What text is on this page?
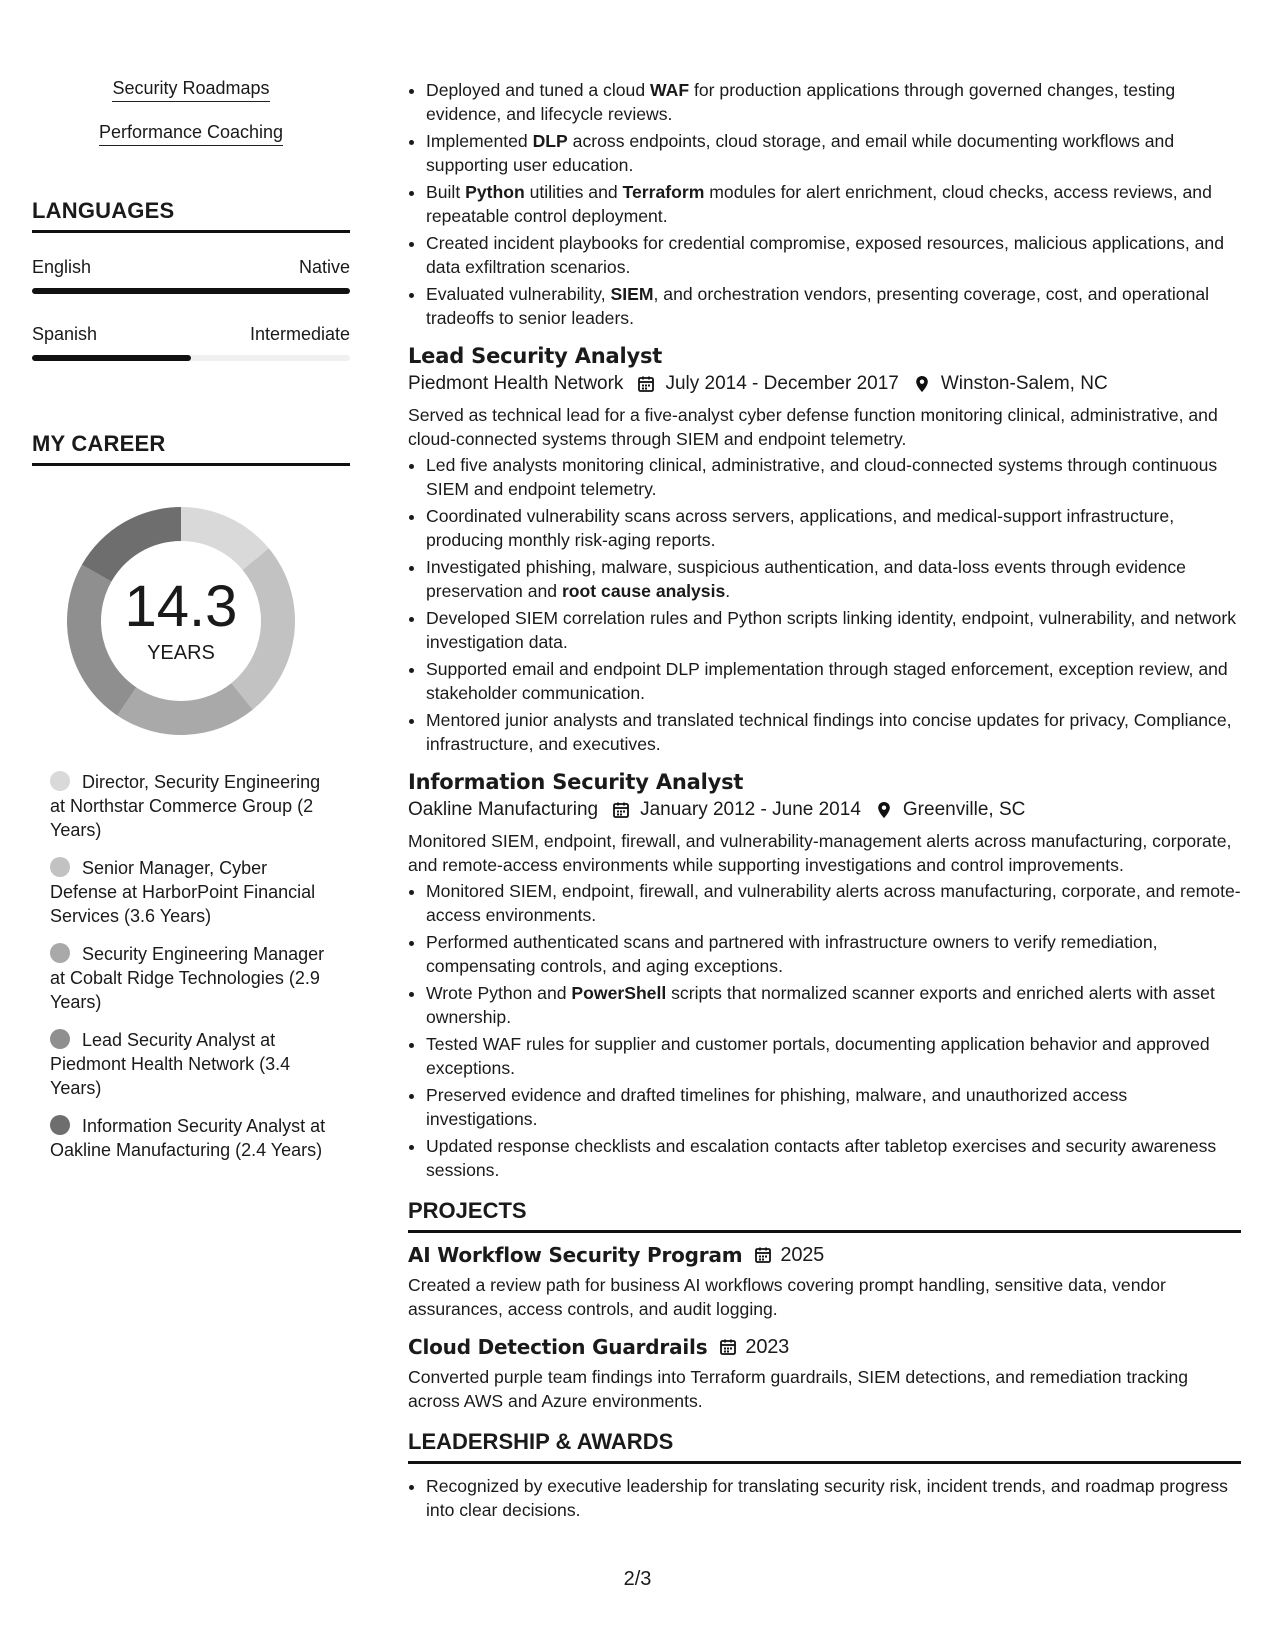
Security Roadmaps
Performance Coaching
LANGUAGES
English	Native
Spanish	Intermediate
MY CAREER
14.3
YEARS
Director, Security Engineering at Northstar Commerce Group (2 Years)
Senior Manager, Cyber Defense at HarborPoint Financial Services (3.6 Years)
Security Engineering Manager at Cobalt Ridge Technologies (2.9 Years)
Lead Security Analyst at Piedmont Health Network (3.4 Years)
Information Security Analyst at Oakline Manufacturing (2.4 Years)
• Deployed and tuned a cloud WAF for production applications through governed changes, testing evidence, and lifecycle reviews.
• Implemented DLP across endpoints, cloud storage, and email while documenting workflows and supporting user education.
• Built Python utilities and Terraform modules for alert enrichment, cloud checks, access reviews, and repeatable control deployment.
• Created incident playbooks for credential compromise, exposed resources, malicious applications, and data exfiltration scenarios.
• Evaluated vulnerability, SIEM, and orchestration vendors, presenting coverage, cost, and operational tradeoffs to senior leaders.
Lead Security Analyst
Piedmont Health Network July 2014 - December 2017 Winston-Salem, NC

Served as technical lead for a five-analyst cyber defense function monitoring clinical, administrative, and cloud-connected systems through SIEM and endpoint telemetry.

• Led five analysts monitoring clinical, administrative, and cloud-connected systems through continuous SIEM and endpoint telemetry.
• Coordinated vulnerability scans across servers, applications, and medical-support infrastructure, producing monthly risk-aging reports.
• Investigated phishing, malware, suspicious authentication, and data-loss events through evidence preservation and root cause analysis.
• Developed SIEM correlation rules and Python scripts linking identity, endpoint, vulnerability, and network investigation data.
• Supported email and endpoint DLP implementation through staged enforcement, exception review, and stakeholder communication.
• Mentored junior analysts and translated technical findings into concise updates for privacy, Compliance, infrastructure, and executives.
Information Security Analyst
Oakline Manufacturing January 2012 - June 2014 Greenville, SC

Monitored SIEM, endpoint, firewall, and vulnerability-management alerts across manufacturing, corporate, and remote-access environments while supporting investigations and control improvements.

• Monitored SIEM, endpoint, firewall, and vulnerability alerts across manufacturing, corporate, and remote-access environments.
• Performed authenticated scans and partnered with infrastructure owners to verify remediation, compensating controls, and aging exceptions.
• Wrote Python and PowerShell scripts that normalized scanner exports and enriched alerts with asset ownership.
• Tested WAF rules for supplier and customer portals, documenting application behavior and approved exceptions.
• Preserved evidence and drafted timelines for phishing, malware, and unauthorized access investigations.
• Updated response checklists and escalation contacts after tabletop exercises and security awareness sessions.
PROJECTS
AI Workflow Security Program 2025

Created a review path for business AI workflows covering prompt handling, sensitive data, vendor assurances, access controls, and audit logging.

Cloud Detection Guardrails 2023

Converted purple team findings into Terraform guardrails, SIEM detections, and remediation tracking across AWS and Azure environments.

LEADERSHIP & AWARDS
• Recognized by executive leadership for translating security risk, incident trends, and roadmap progress into clear decisions.
2/3
